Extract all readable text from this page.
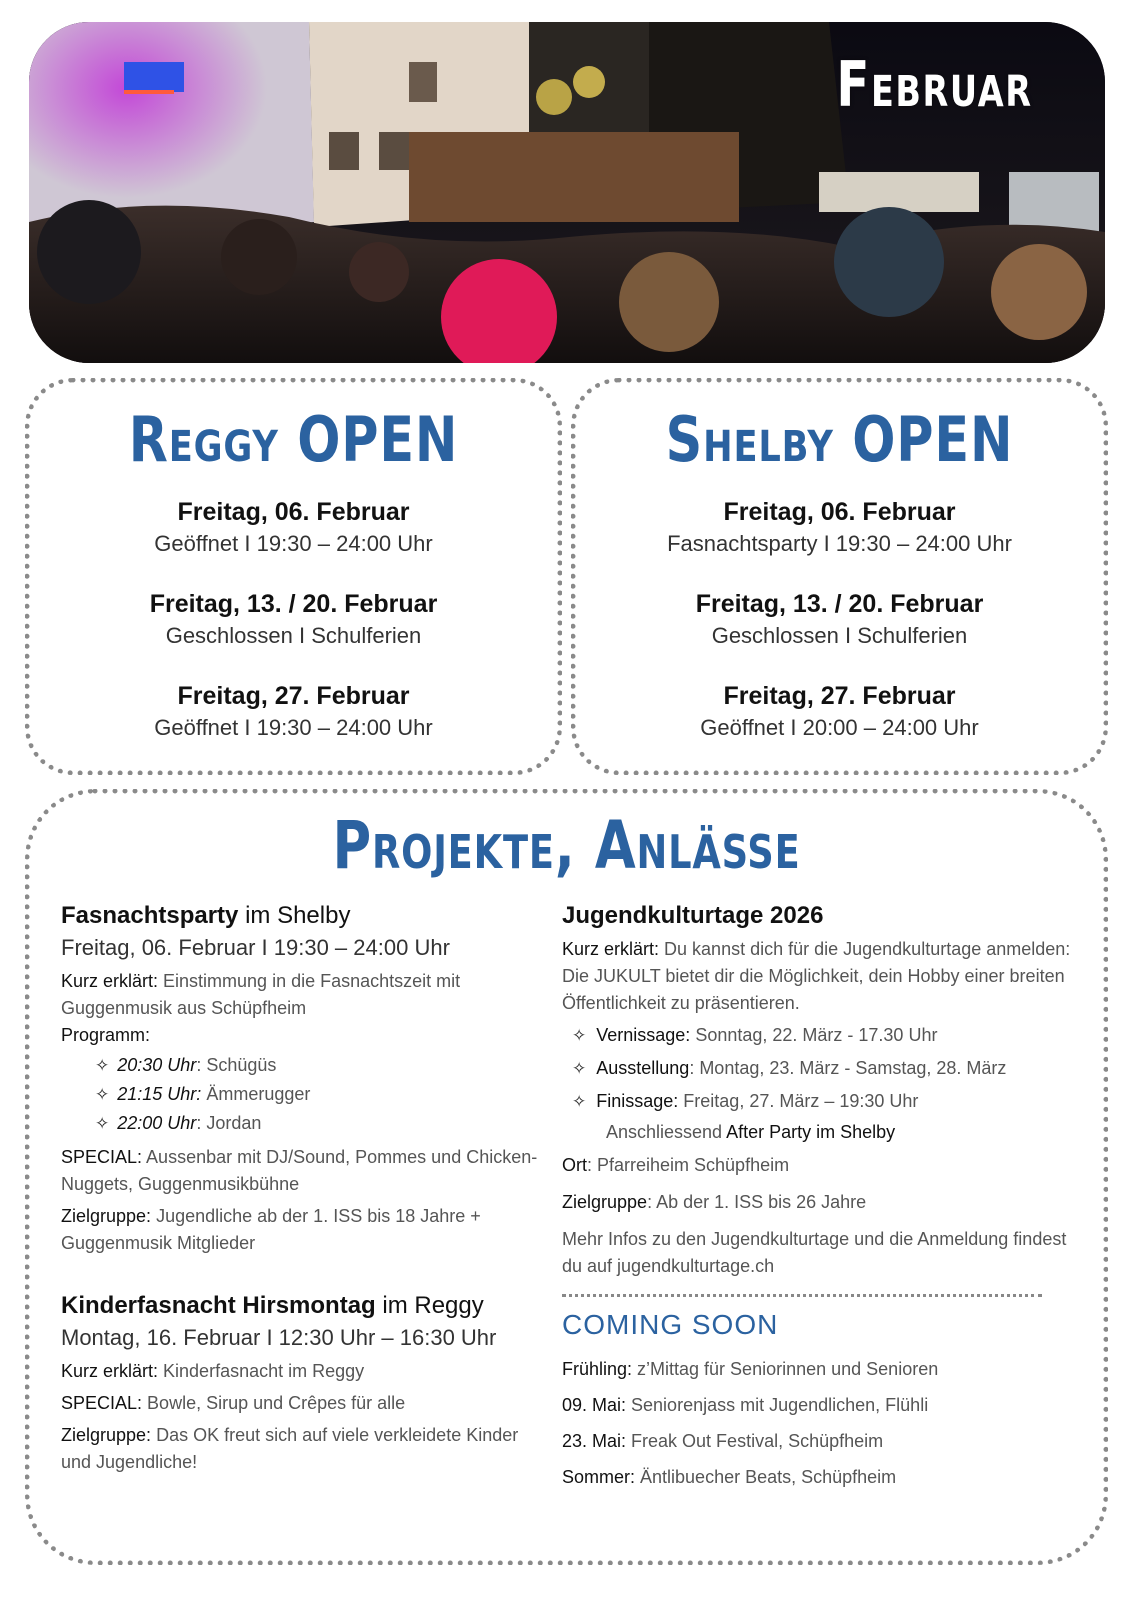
Februar
Reggy OPEN
Freitag, 06. Februar
Geöffnet I 19:30 – 24:00 Uhr
Freitag, 13. / 20. Februar
Geschlossen I Schulferien
Freitag, 27. Februar
Geöffnet I 19:30 – 24:00 Uhr
Shelby OPEN
Freitag, 06. Februar
Fasnachtsparty I 19:30 – 24:00 Uhr
Freitag, 13. / 20. Februar
Geschlossen I Schulferien
Freitag, 27. Februar
Geöffnet I 20:00 – 24:00 Uhr
Projekte, Anlässe
Fasnachtsparty im Shelby
Freitag, 06. Februar I 19:30 – 24:00 Uhr
Kurz erklärt: Einstimmung in die Fasnachtszeit mit Guggenmusik aus Schüpfheim
Programm:
✧ 20:30 Uhr: Schügüs
✧ 21:15 Uhr: Ämmerugger
✧ 22:00 Uhr: Jordan
SPECIAL: Aussenbar mit DJ/Sound, Pommes und Chicken-Nuggets, Guggenmusikbühne
Zielgruppe: Jugendliche ab der 1. ISS bis 18 Jahre + Guggenmusik Mitglieder
Kinderfasnacht Hirsmontag im Reggy
Montag, 16. Februar I 12:30 Uhr – 16:30 Uhr
Kurz erklärt: Kinderfasnacht im Reggy
SPECIAL: Bowle, Sirup und Crêpes für alle
Zielgruppe: Das OK freut sich auf viele verkleidete Kinder und Jugendliche!
Jugendkulturtage 2026
Kurz erklärt: Du kannst dich für die Jugendkulturtage anmelden: Die JUKULT bietet dir die Möglichkeit, dein Hobby einer breiten Öffentlichkeit zu präsentieren.
✧ Vernissage: Sonntag, 22. März - 17.30 Uhr
✧ Ausstellung: Montag, 23. März - Samstag, 28. März
✧ Finissage: Freitag, 27. März – 19:30 Uhr
Anschliessend After Party im Shelby
Ort: Pfarreiheim Schüpfheim
Zielgruppe: Ab der 1. ISS bis 26 Jahre
Mehr Infos zu den Jugendkulturtage und die Anmeldung findest du auf jugendkulturtage.ch
COMING SOON
Frühling: z’Mittag für Seniorinnen und Senioren
09. Mai: Seniorenjass mit Jugendlichen, Flühli
23. Mai: Freak Out Festival, Schüpfheim
Sommer: Äntlibuecher Beats, Schüpfheim
